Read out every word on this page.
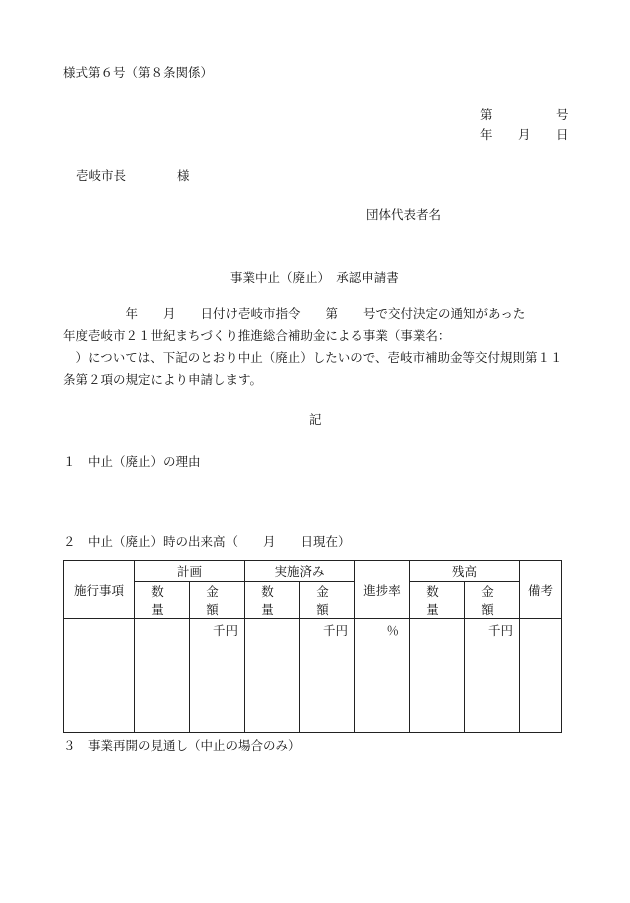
様式第６号（第８条関係）
第	号
年 月 日
壱岐市長	様
団体代表者名
事業中止（廃止）　承認申請書
　　　　　年　　月　　日付け壱岐市指令　　第　　号で交付決定の通知があった
年度壱岐市２１世紀まちづくり推進総合補助金による事業（事業名：
　）については、下記のとおり中止（廃止）したいので、壱岐市補助金等交付規則第１１
条第２項の規定により申請します。
記
１　中止（廃止）の理由
２　中止（廃止）時の出来高（　　月　　日現在）
施行事項	計画		実施済み		進捗率	残高		備考
	数 量	金 額	数 量	金 額		数 量	金 額	
		千円		千円	％		千円	
３　事業再開の見通し（中止の場合のみ）
